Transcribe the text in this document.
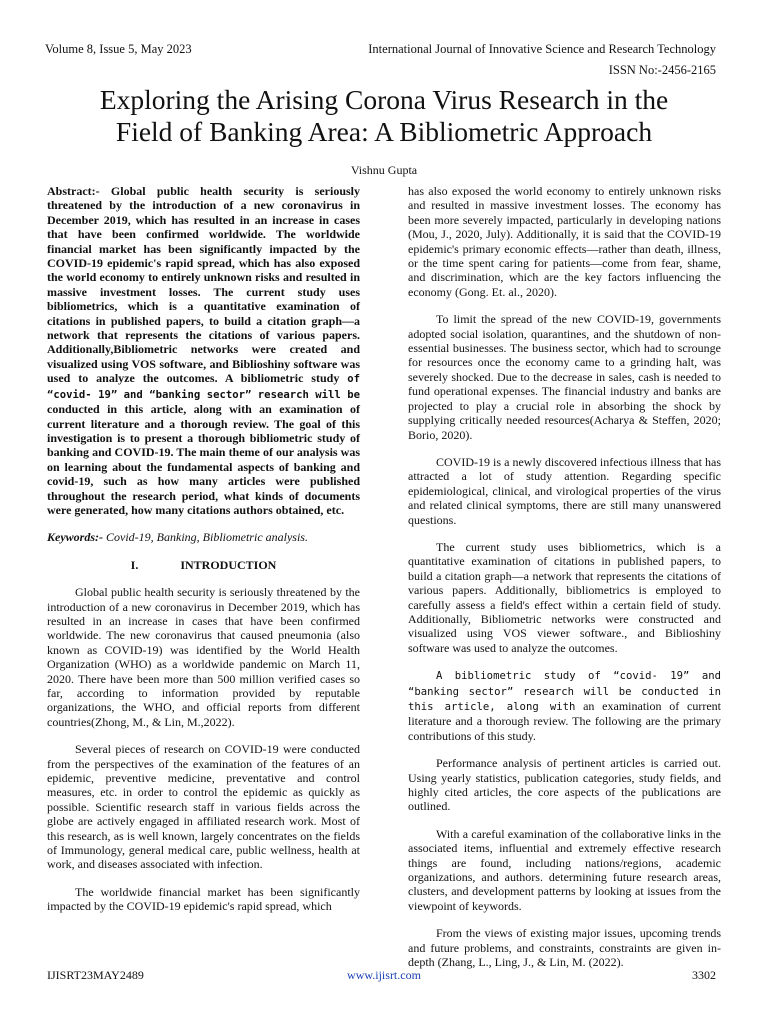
Volume 8, Issue 5, May 2023	International Journal of Innovative Science and Research Technology
ISSN No:-2456-2165
Exploring the Arising Corona Virus Research in the
Field of Banking Area: A Bibliometric Approach
Vishnu Gupta

Abstract:- Global public health security is seriously threatened by the introduction of a new coronavirus in December 2019, which has resulted in an increase in cases that have been confirmed worldwide. The worldwide financial market has been significantly impacted by the COVID-19 epidemic's rapid spread, which has also exposed the world economy to entirely unknown risks and resulted in massive investment losses. The current study uses bibliometrics, which is a quantitative examination of citations in published papers, to build a citation graph—a network that represents the citations of various papers. Additionally,Bibliometric networks were created and visualized using VOS software, and Biblioshiny software was used to analyze the outcomes. A bibliometric study of “covid- 19” and “banking sector” research will be conducted in this article, along with an examination of current literature and a thorough review. The goal of this investigation is to present a thorough bibliometric study of banking and COVID-19. The main theme of our analysis was on learning about the fundamental aspects of banking and covid-19, such as how many articles were published throughout the research period, what kinds of documents were generated, how many citations authors obtained, etc.

Keywords:- Covid-19, Banking, Bibliometric analysis.

I.	INTRODUCTION

Global public health security is seriously threatened by the introduction of a new coronavirus in December 2019, which has resulted in an increase in cases that have been confirmed worldwide. The new coronavirus that caused pneumonia (also known as COVID-19) was identified by the World Health Organization (WHO) as a worldwide pandemic on March 11, 2020. There have been more than 500 million verified cases so far, according to information provided by reputable organizations, the WHO, and official reports from different countries(Zhong, M., & Lin, M.,2022).

Several pieces of research on COVID-19 were conducted from the perspectives of the examination of the features of an epidemic, preventive medicine, preventative and control measures, etc. in order to control the epidemic as quickly as possible. Scientific research staff in various fields across the globe are actively engaged in affiliated research work. Most of this research, as is well known, largely concentrates on the fields of Immunology, general medical care, public wellness, health at work, and diseases associated with infection.

The worldwide financial market has been significantly impacted by the COVID-19 epidemic's rapid spread, which

has also exposed the world economy to entirely unknown risks and resulted in massive investment losses. The economy has been more severely impacted, particularly in developing nations (Mou, J., 2020, July). Additionally, it is said that the COVID-19 epidemic's primary economic effects—rather than death, illness, or the time spent caring for patients—come from fear, shame, and discrimination, which are the key factors influencing the economy (Gong. Et. al., 2020).

To limit the spread of the new COVID-19, governments adopted social isolation, quarantines, and the shutdown of non-essential businesses. The business sector, which had to scrounge for resources once the economy came to a grinding halt, was severely shocked. Due to the decrease in sales, cash is needed to fund operational expenses. The financial industry and banks are projected to play a crucial role in absorbing the shock by supplying critically needed resources(Acharya & Steffen, 2020; Borio, 2020).

COVID-19 is a newly discovered infectious illness that has attracted a lot of study attention. Regarding specific epidemiological, clinical, and virological properties of the virus and related clinical symptoms, there are still many unanswered questions.

The current study uses bibliometrics, which is a quantitative examination of citations in published papers, to build a citation graph—a network that represents the citations of various papers. Additionally, bibliometrics is employed to carefully assess a field's effect within a certain field of study. Additionally, Bibliometric networks were constructed and visualized using VOS viewer software., and Biblioshiny software was used to analyze the outcomes.

A bibliometric study of “covid- 19” and “banking sector” research will be conducted in this article, along with an examination of current literature and a thorough review. The following are the primary contributions of this study.

Performance analysis of pertinent articles is carried out. Using yearly statistics, publication categories, study fields, and highly cited articles, the core aspects of the publications are outlined.

With a careful examination of the collaborative links in the associated items, influential and extremely effective research things are found, including nations/regions, academic organizations, and authors. determining future research areas, clusters, and development patterns by looking at issues from the viewpoint of keywords.

From the views of existing major issues, upcoming trends and future problems, and constraints, constraints are given in-depth (Zhang, L., Ling, J., & Lin, M. (2022).

IJISRT23MAY2489	www.ijisrt.com	3302
